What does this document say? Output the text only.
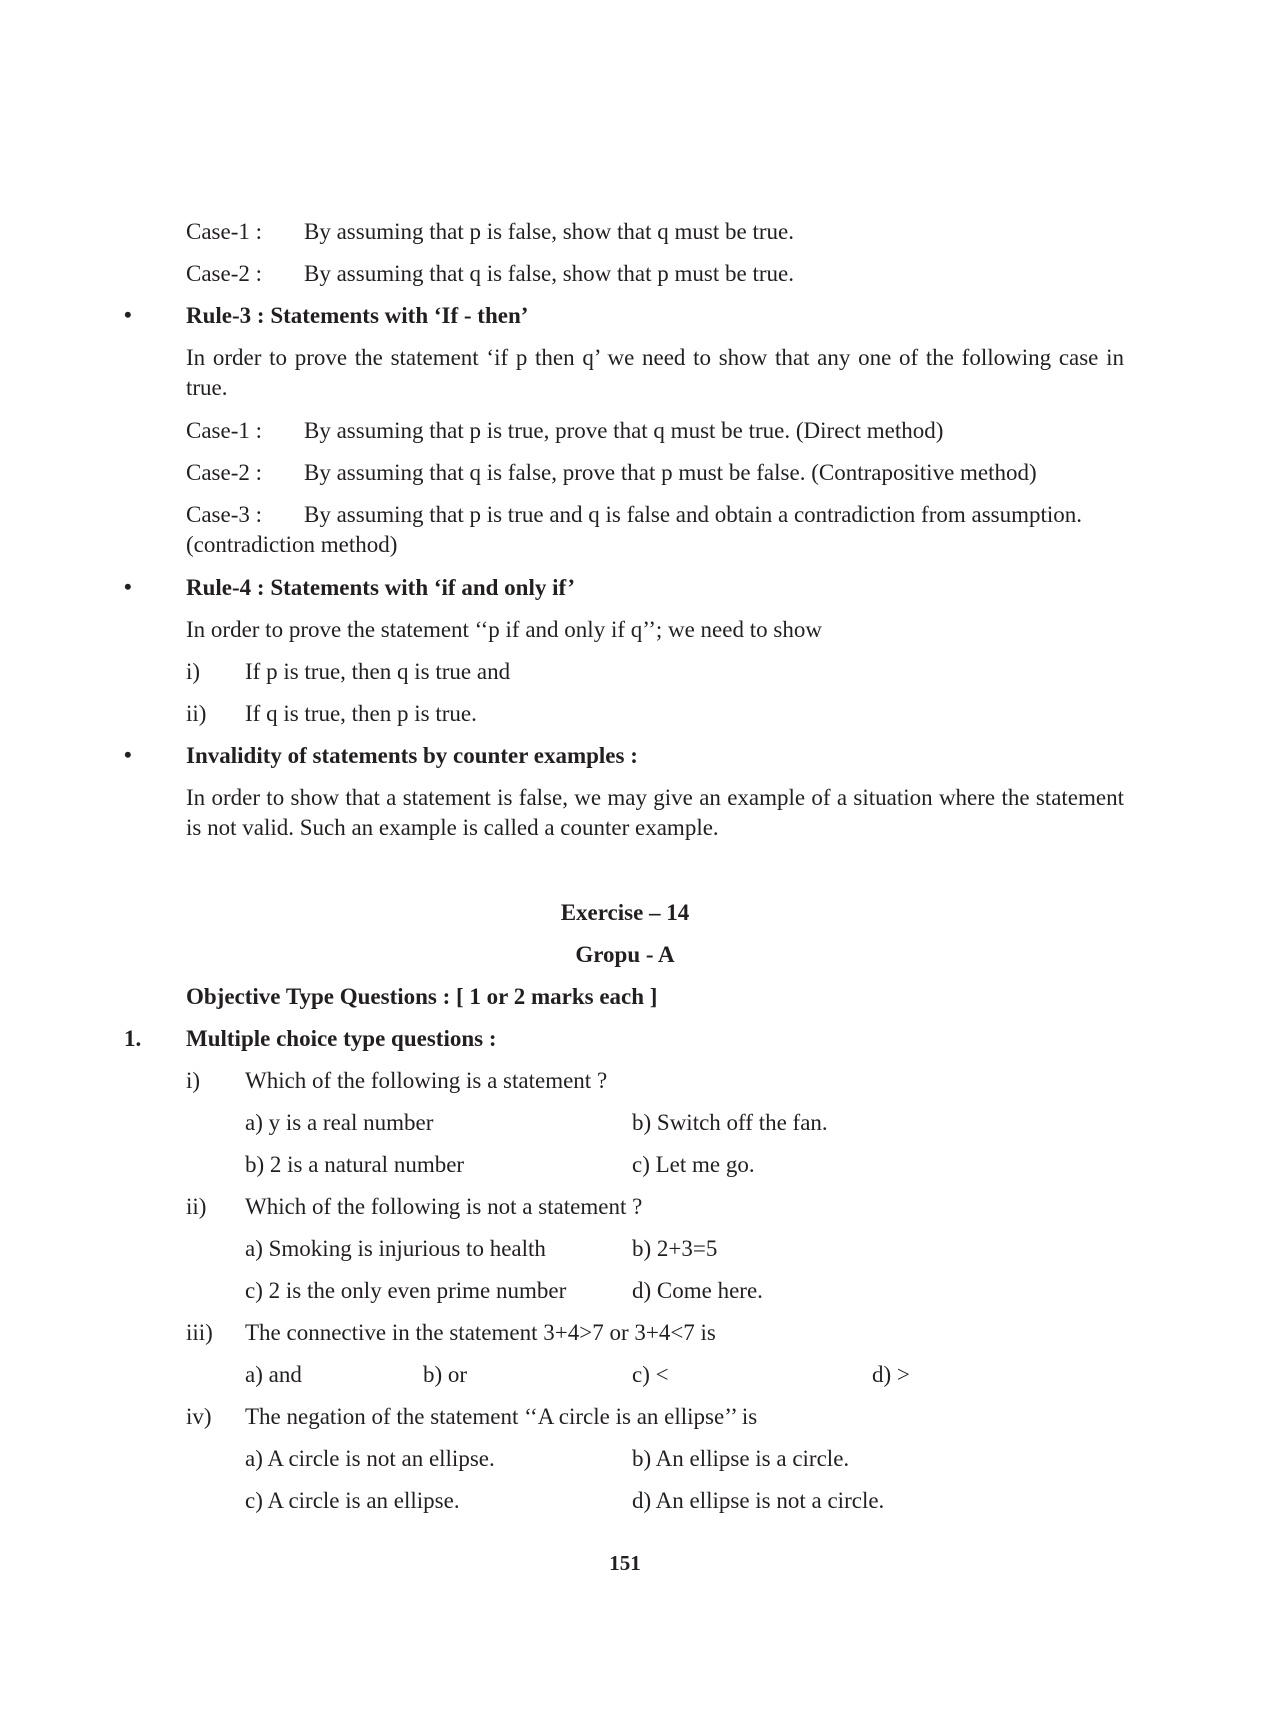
Case-1 : By assuming that p is false, show that q must be true.
Case-2 : By assuming that q is false, show that p must be true.
• Rule-3 : Statements with ‘If - then’
In order to prove the statement ‘if p then q’ we need to show that any one of the following case in true.
Case-1 : By assuming that p is true, prove that q must be true. (Direct method)
Case-2 : By assuming that q is false, prove that p must be false. (Contrapositive method)
Case-3 : By assuming that p is true and q is false and obtain a contradiction from assumption.
(contradiction method)
• Rule-4 : Statements with ‘if and only if’
In order to prove the statement ‘‘p if and only if q’’; we need to show
i) If p is true, then q is true and
ii) If q is true, then p is true.
• Invalidity of statements by counter examples :
In order to show that a statement is false, we may give an example of a situation where the statement is not valid. Such an example is called a counter example.
Exercise – 14
Gropu - A
Objective Type Questions : [ 1 or 2 marks each ]
1. Multiple choice type questions :
i) Which of the following is a statement ?
a) y is a real number	b) Switch off the fan.
b) 2 is a natural number	c) Let me go.
ii) Which of the following is not a statement ?
a) Smoking is injurious to health	b) 2+3=5
c) 2 is the only even prime number	d) Come here.
iii) The connective in the statement 3+4>7 or 3+4<7 is
a) and	b) or	c) <	d) >
iv) The negation of the statement ‘‘A circle is an ellipse’’ is
a) A circle is not an ellipse.	b) An ellipse is a circle.
c) A circle is an ellipse.	d) An ellipse is not a circle.
151
